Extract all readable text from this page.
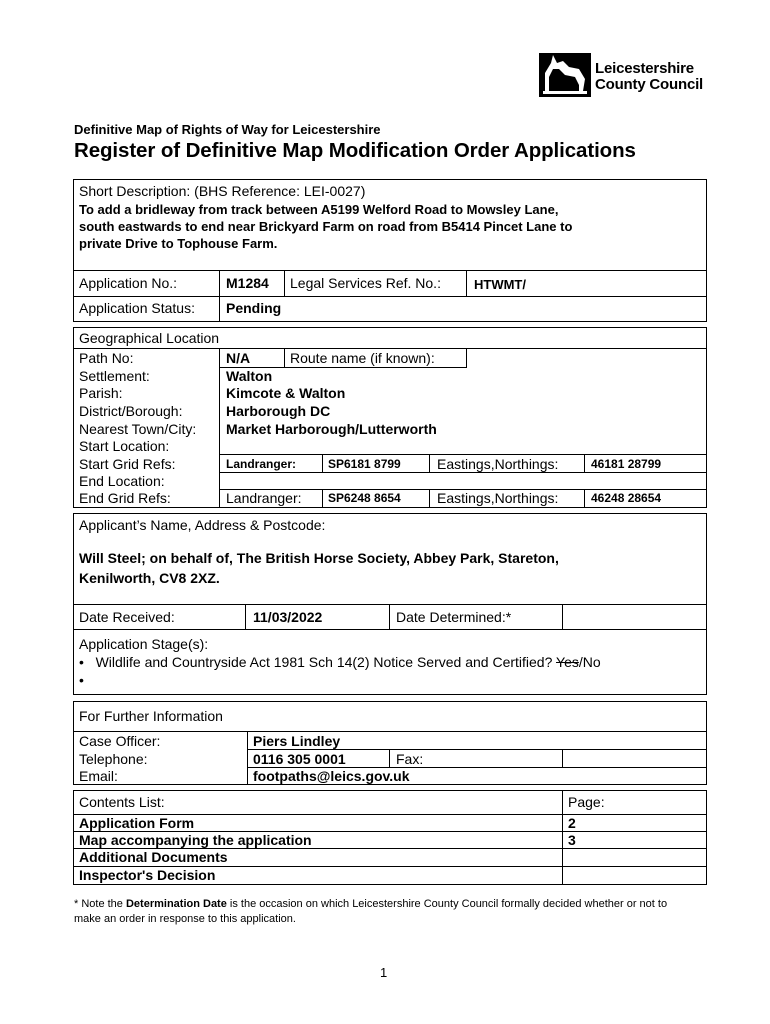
Leicestershire
County Council
Definitive Map of Rights of Way for Leicestershire
Register of Definitive Map Modification Order Applications
Short Description: (BHS Reference: LEI-0027)
To add a bridleway from track between A5199 Welford Road to Mowsley Lane,
south eastwards to end near Brickyard Farm on road from B5414 Pincet Lane to
private Drive to Tophouse Farm.
Application No.:	M1284 Legal Services Ref. No.:	HTWMT/
Application Status: Pending
Geographical Location
Path No:	N/A	Route name (if known):
Settlement:	Walton
Parish:	Kimcote & Walton
District/Borough:	Harborough DC
Nearest Town/City: Market Harborough/Lutterworth
Start Location:
Start Grid Refs:	Landranger:	SP6181 8799	Eastings,Northings:	46181 28799
End Location:
End Grid Refs:	Landranger: SP6248 8654	Eastings,Northings:	46248 28654
Applicant’s Name, Address & Postcode:
Will Steel; on behalf of, The British Horse Society, Abbey Park, Stareton,
Kenilworth, CV8 2XZ.
Date Received:	11/03/2022	Date Determined:*
Application Stage(s):
•   Wildlife and Countryside Act 1981 Sch 14(2) Notice Served and Certified? Yes/No
•
For Further Information
Case Officer:	Piers Lindley
Telephone:	0116 305 0001	Fax:
Email:	footpaths@leics.gov.uk
Contents List:	Page:
Application Form	2
Map accompanying the application	3
Additional Documents
Inspector's Decision
* Note the Determination Date is the occasion on which Leicestershire County Council formally decided whether or not to make an order in response to this application.
1
